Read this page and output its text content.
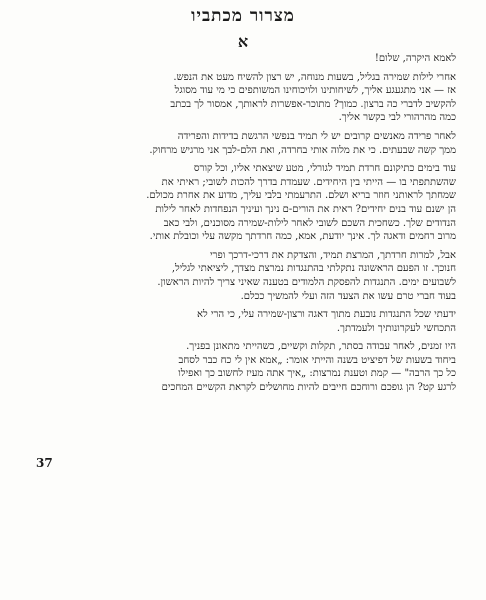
מצרור מכתביו
א
לאמא היקרה, שלום!
אחרי לילות שמירה בגליל, בשעות מנוחה, יש רצון להשיח מעט את הנפש.
אז — אני מתגעגע אליך, לשיחותינו ולויכוחינו המשותפים כי מי עוד מסוגל
להקשיב לדברי כה ברצון. כמוך? מתוכר-אפשרות לראותך, אמסור לך בכתב
כמה מהרהורי לבי בקשר אליך.
לאחר פרידה מאנשים קרובים יש לי תמיד בנפשי הרגשת בדידות והפרידה
ממך קשה שבעתים. כי את מלוה אותי בחרדה, ואת הלם-לבך אני מרגיש מרחוק.
עוד בימים כתיקונם חרדת תמיד לגורלי, מטע שיצאתי אליו, וכל קורס
שהשתתפתי בו — הייתי בין היחידים. שעמדת בדרך להכות לשובי; ראיתי את
שמחתך לראותני חוזר בריא ושלם. התרעמתי בלבי עליך, מדוע את אחרת מכולם.
הן ישנם עוד בנים יחידים? ראית את הורים-ם נינך ועיניך הנפחדות לאחר לילות
הנדודים שלך. כשחכית השכם לשובי לאחר לילות-שמירה מסוכנים, ולבי כאב
מרוב רחמים ודאגה לך. אינך יודעת, אמא, כמה חרדתך מקשה עלי וכובלת אותי.
אבל, למרות חרדתך, המרצת תמיד, והצדקת את דרכי-דרכך ופרי
חנוכך. זו הפעם הראשונה נתקלתי בהתנגדות נמרצת מצדך, ליציאתי לגליל,
לשבועים ימים. התנגדות להפסקת הלמודים בטענה שאיני צריך להיות הראשון.
בעוד חברי טרם עשו את הצעד הזה ועלי להמשיך ככלם.
ידעתי שכל התנגדות נובעת מתוך דאגה ורצון-שמירה עלי, כי הרי לא
התכחשי לעקרונותיך ולעמדתך.
היו זמנים, לאחר עבודה בסתר, תקלות וקשיים, כשהייתי מתאונן בפניך.
ביחוד בשעות של דפיציט בשנה והייתי אומר: „אמא אין לי כח כבר לסחב
כל כך הרבה" — קמת וטענת נמרצות: „איך אתה מעיז לחשוב כך ואפילו
לרגע קט? הן גופכם ורוחכם חייבים להיות מחושלים לקראת הקשיים המחכים
37
